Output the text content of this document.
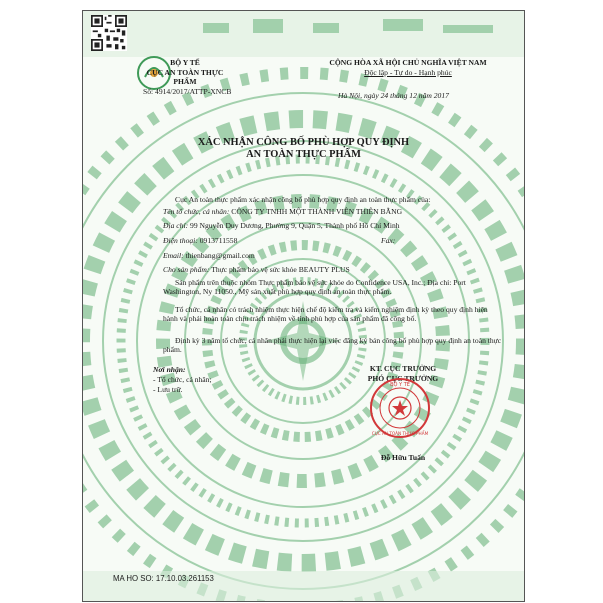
BỘ Y TẾ
CỤC AN TOÀN THỰC PHẨM
Số: 4914/2017/ATTP-XNCB
CỘNG HÒA XÃ HỘI CHỦ NGHĨA VIỆT NAM
Độc lập - Tự do - Hạnh phúc
Hà Nội, ngày 24 tháng 12 năm 2017
XÁC NHẬN CÔNG BỐ PHÙ HỢP QUY ĐỊNH
AN TOÀN THỰC PHẨM
Cục An toàn thực phẩm xác nhận công bố phù hợp quy định an toàn thực phẩm của:
Tên tổ chức, cá nhân: CÔNG TY TNHH MỘT THÀNH VIÊN THIÊN BẰNG
Địa chỉ: 99 Nguyễn Duy Dương, Phường 9, Quận 5, Thành phố Hồ Chí Minh
Điện thoại: 0913711558	Fax:
Email: thienbang@gmail.com
Cho sản phẩm: Thực phẩm bảo vệ sức khỏe BEAUTY PLUS
Sản phẩm trên thuộc nhóm Thực phẩm bảo vệ sức khỏe do Confidence USA, Inc.; Địa chỉ: Port Washington, Ny 11050., Mỹ sản xuất phù hợp quy định an toàn thực phẩm.
Tổ chức, cá nhân có trách nhiệm thực hiện chế độ kiểm tra và kiểm nghiệm định kỳ theo quy định hiện hành và phải hoàn toàn chịu trách nhiệm về tính phù hợp của sản phẩm đã công bố.
Định kỳ 3 năm tổ chức, cá nhân phải thực hiện lại việc đăng ký bản công bố phù hợp quy định an toàn thực phẩm.
Nơi nhận:
- Tổ chức, cá nhân;
- Lưu trữ.
KT. CỤC TRƯỞNG
PHÓ CỤC TRƯỞNG
BỘ Y TẾ
CỤC AN TOÀN THỰC PHẨM
Đỗ Hữu Tuấn
MA HO SO: 17.10.03.261153
